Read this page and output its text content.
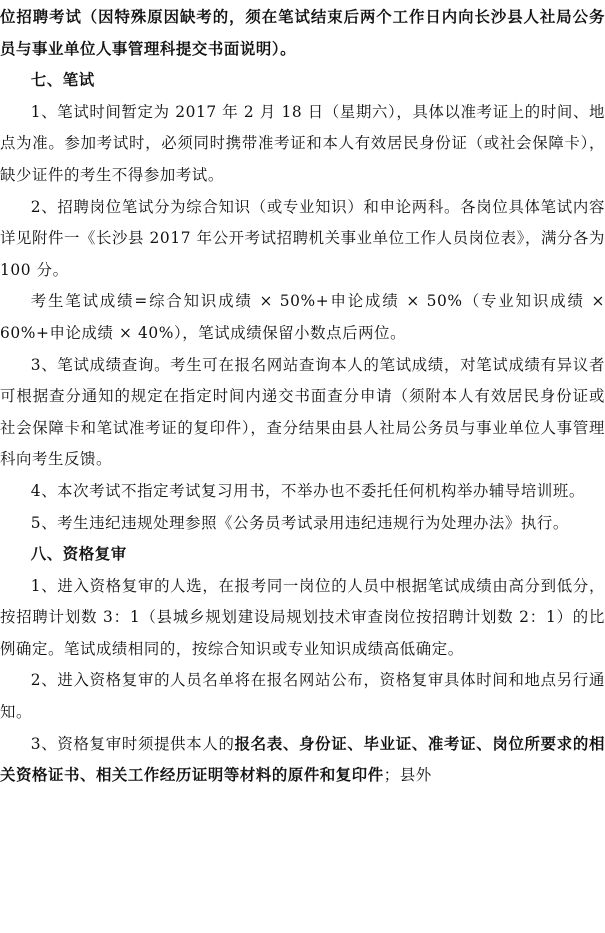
位招聘考试（因特殊原因缺考的，须在笔试结束后两个工作日内向长沙县人社局公务员与事业单位人事管理科提交书面说明）。

七、笔试

1、笔试时间暂定为 2017 年 2 月 18 日（星期六），具体以准考证上的时间、地点为准。参加考试时，必须同时携带准考证和本人有效居民身份证（或社会保障卡），缺少证件的考生不得参加考试。

2、招聘岗位笔试分为综合知识（或专业知识）和申论两科。各岗位具体笔试内容详见附件一《长沙县 2017 年公开考试招聘机关事业单位工作人员岗位表》，满分各为 100 分。

考生笔试成绩=综合知识成绩 × 50%+申论成绩 × 50%（专业知识成绩 × 60%+申论成绩 × 40%），笔试成绩保留小数点后两位。

3、笔试成绩查询。考生可在报名网站查询本人的笔试成绩，对笔试成绩有异议者可根据查分通知的规定在指定时间内递交书面查分申请（须附本人有效居民身份证或社会保障卡和笔试准考证的复印件），查分结果由县人社局公务员与事业单位人事管理科向考生反馈。

4、本次考试不指定考试复习用书，不举办也不委托任何机构举办辅导培训班。

5、考生违纪违规处理参照《公务员考试录用违纪违规行为处理办法》执行。

八、资格复审

1、进入资格复审的人选，在报考同一岗位的人员中根据笔试成绩由高分到低分，按招聘计划数 3：1（县城乡规划建设局规划技术审查岗位按招聘计划数 2：1）的比例确定。笔试成绩相同的，按综合知识或专业知识成绩高低确定。

2、进入资格复审的人员名单将在报名网站公布，资格复审具体时间和地点另行通知。

3、资格复审时须提供本人的报名表、身份证、毕业证、准考证、岗位所要求的相关资格证书、相关工作经历证明等材料的原件和复印件；县外
